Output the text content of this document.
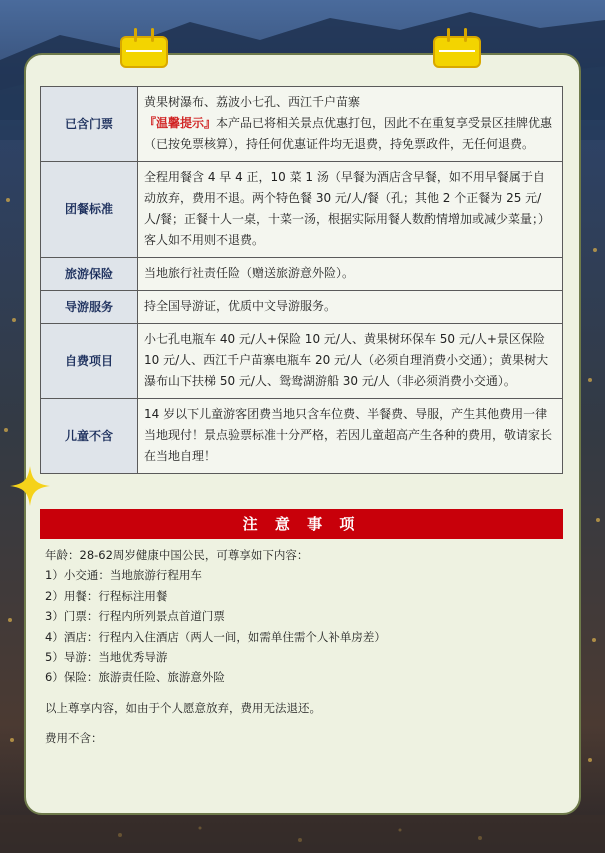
已含门票	黄果树瀑布、荔波小七孔、西江千户苗寨
『温馨提示』本产品已将相关景点优惠打包，因此不在重复享受景区挂牌优惠（已按免票核算），持任何优惠证件均无退费，持免票政件，无任何退费。

团餐标准	全程用餐含 4 早 4 正，10 菜 1 汤（早餐为酒店含早餐，如不用早餐属于自动放弃，费用不退。两个特色餐 30 元/人/餐（孔；其他 2 个正餐为 25 元/人/餐；正餐十人一桌，十菜一汤，根据实际用餐人数酌情增加或减少菜量；）客人如不用则不退费。

旅游保险	当地旅行社责任险（赠送旅游意外险）。

导游服务	持全国导游证，优质中文导游服务。

自费项目	小七孔电瓶车 40 元/人+保险 10 元/人、黄果树环保车 50 元/人+景区保险 10 元/人、西江千户苗寨电瓶车 20 元/人（必须自理消费小交通）；黄果树大瀑布山下扶梯 50 元/人、鸳鸯湖游船 30 元/人（非必须消费小交通）。

儿童不含	14 岁以下儿童游客团费当地只含车位费、半餐费、导服，产生其他费用一律当地现付！景点验票标准十分严格，若因儿童超高产生各种的费用，敬请家长在当地自理！
注 意 事 项
年龄：28-62周岁健康中国公民，可尊享如下内容：
1）小交通：当地旅游行程用车
2）用餐：行程标注用餐
3）门票：行程内所列景点首道门票
4）酒店：行程内入住酒店（两人一间，如需单住需个人补单房差）
5）导游：当地优秀导游
6）保险：旅游责任险、旅游意外险
以上尊享内容，如由于个人愿意放弃，费用无法退还。
费用不含：
